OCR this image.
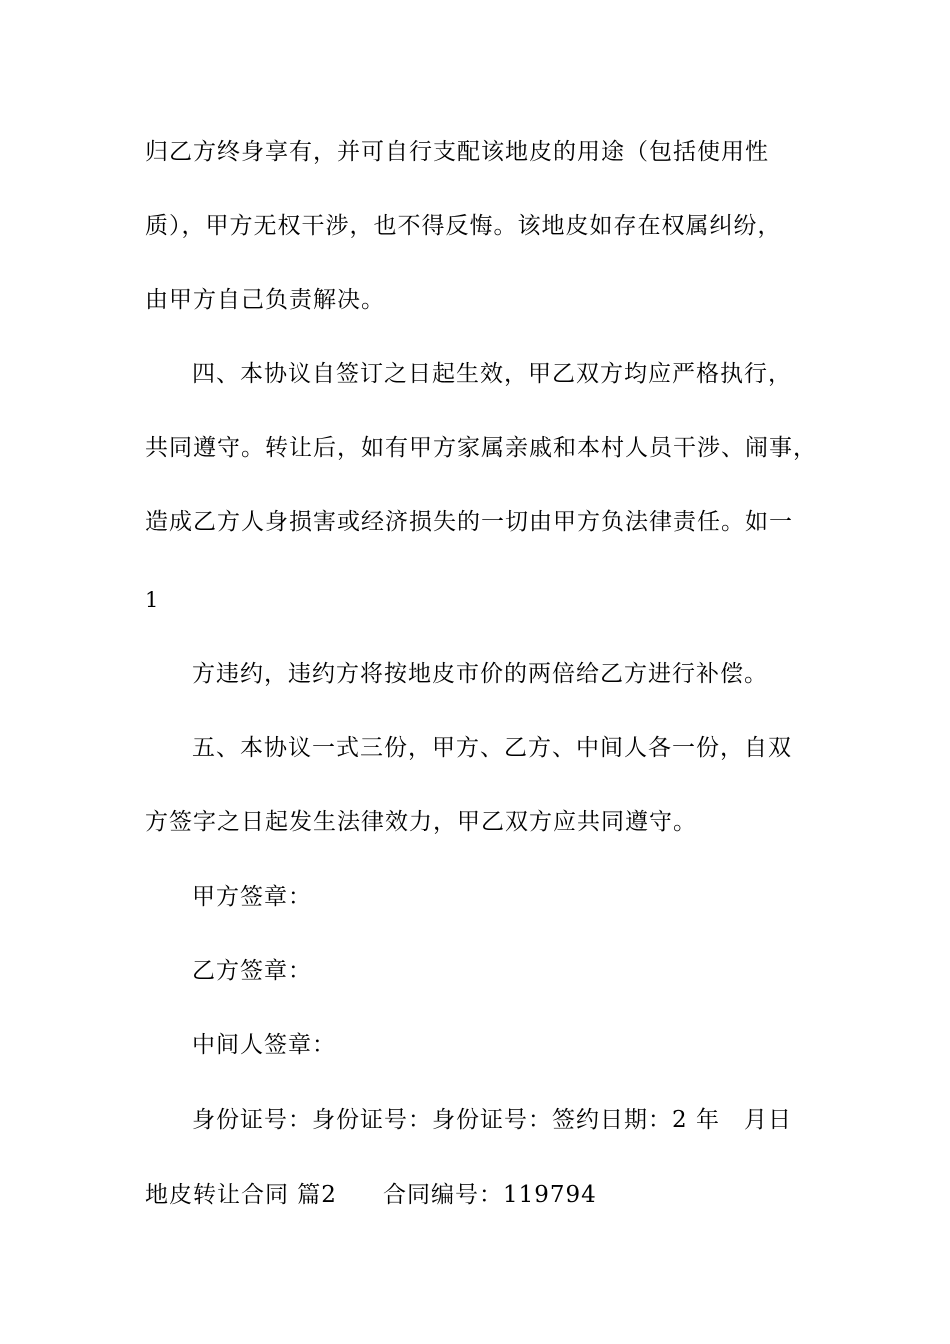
归乙方终身享有，并可自行支配该地皮的用途（包括使用性
质），甲方无权干涉，也不得反悔。该地皮如存在权属纠纷，
由甲方自己负责解决。
四、本协议自签订之日起生效，甲乙双方均应严格执行，
共同遵守。转让后，如有甲方家属亲戚和本村人员干涉、闹事，
造成乙方人身损害或经济损失的一切由甲方负法律责任。如一
1
方违约，违约方将按地皮市价的两倍给乙方进行补偿。
五、本协议一式三份，甲方、乙方、中间人各一份，自双
方签字之日起发生法律效力，甲乙双方应共同遵守。
甲方签章：
乙方签章：
中间人签章：
身份证号：身份证号：身份证号：签约日期：2 年　月日
地皮转让合同 篇2 合同编号：119794
